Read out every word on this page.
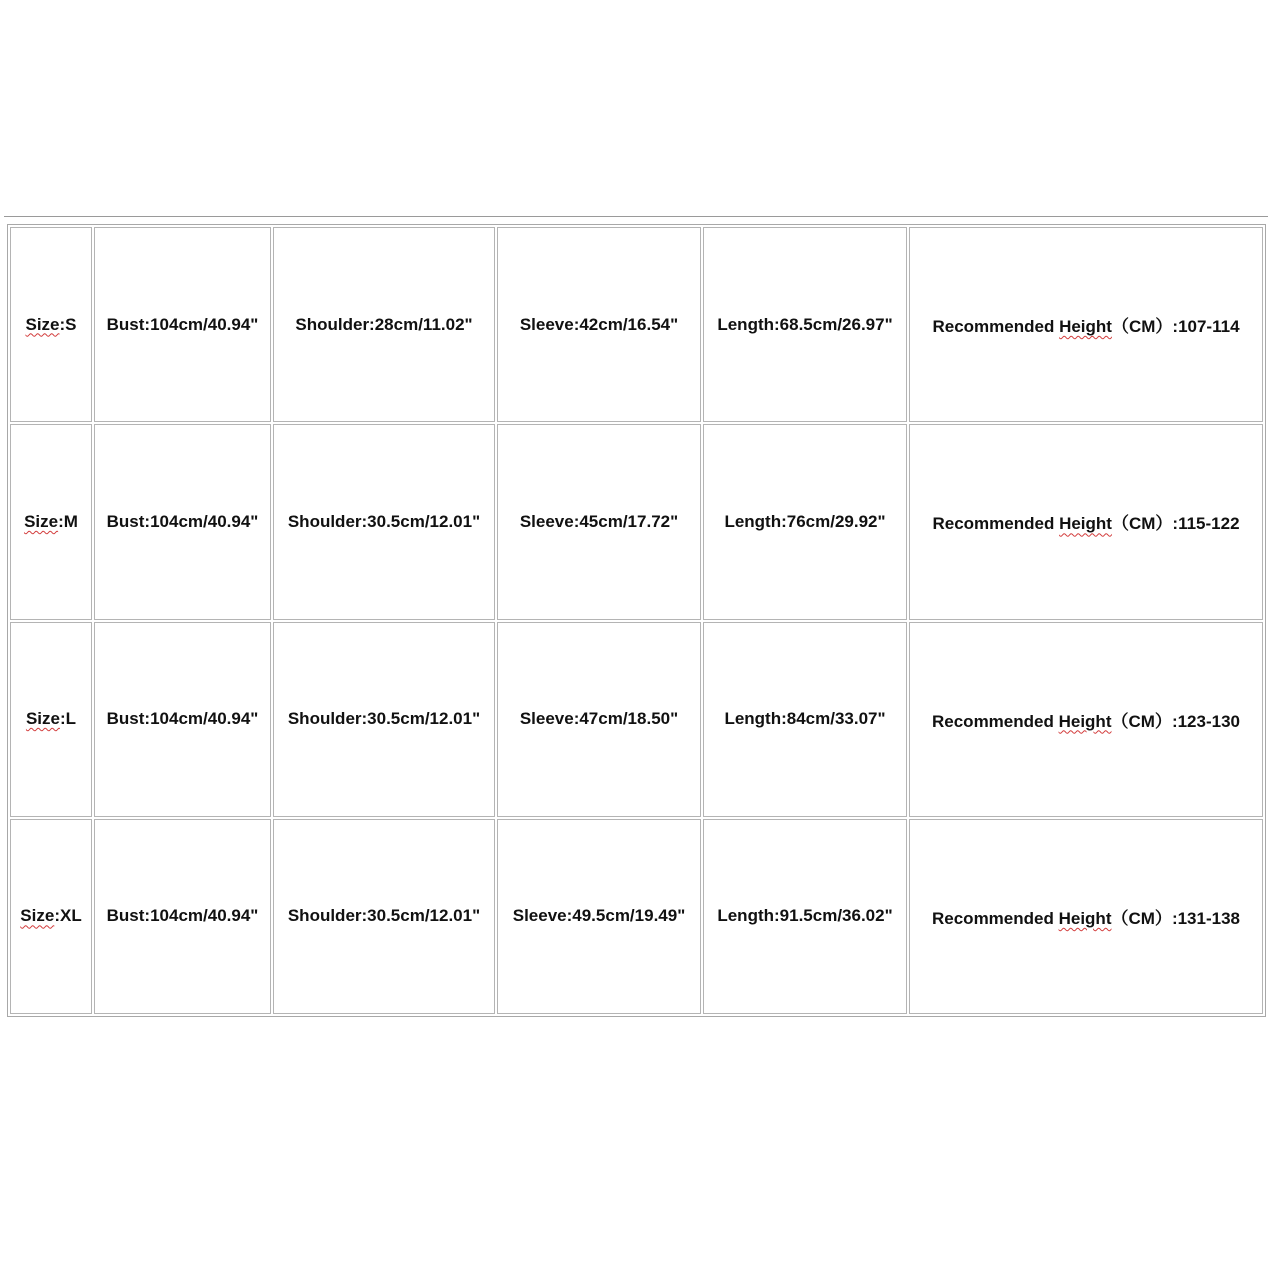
Size:S	Bust:104cm/40.94"	Shoulder:28cm/11.02"	Sleeve:42cm/16.54"	Length:68.5cm/26.97"	Recommended Height（CM）:107-114
Size:M	Bust:104cm/40.94"	Shoulder:30.5cm/12.01"	Sleeve:45cm/17.72"	Length:76cm/29.92"	Recommended Height（CM）:115-122
Size:L	Bust:104cm/40.94"	Shoulder:30.5cm/12.01"	Sleeve:47cm/18.50"	Length:84cm/33.07"	Recommended Height（CM）:123-130
Size:XL	Bust:104cm/40.94"	Shoulder:30.5cm/12.01"	Sleeve:49.5cm/19.49"	Length:91.5cm/36.02"	Recommended Height（CM）:131-138
